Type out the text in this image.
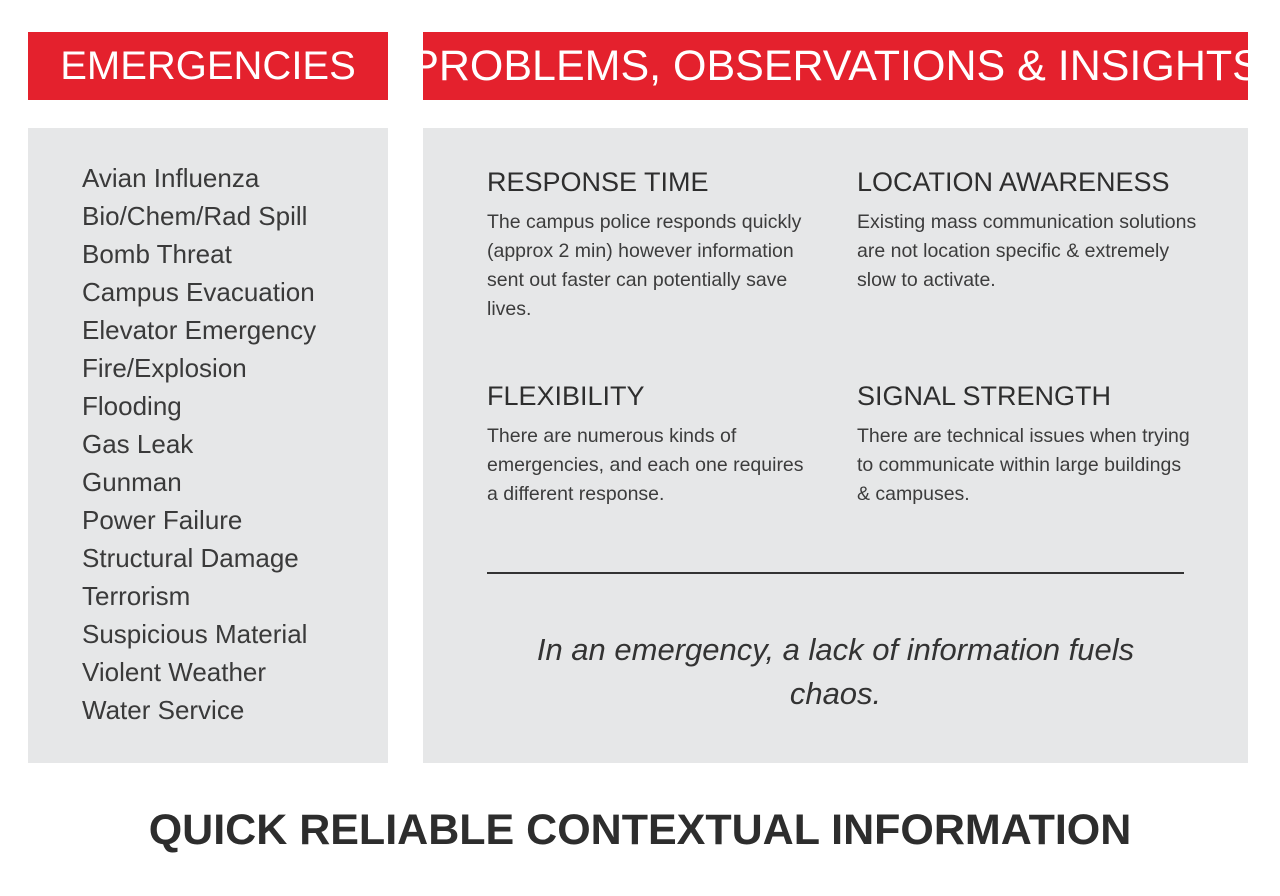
EMERGENCIES PROBLEMS, OBSERVATIONS & INSIGHTS
Avian Influenza
Bio/Chem/Rad Spill
Bomb Threat
Campus Evacuation
Elevator Emergency
Fire/Explosion
Flooding
Gas Leak
Gunman
Power Failure
Structural Damage
Terrorism
Suspicious Material
Violent Weather
Water Service
RESPONSE TIME

The campus police responds quickly (approx 2 min) however information sent out faster can potentially save lives.

LOCATION AWARENESS

Existing mass communication solutions are not location specific & extremely slow to activate.

FLEXIBILITY

There are numerous kinds of emergencies, and each one requires a different response.

SIGNAL STRENGTH

There are technical issues when trying to communicate within large buildings & campuses.

In an emergency, a lack of information fuels chaos.
QUICK RELIABLE CONTEXTUAL INFORMATION
